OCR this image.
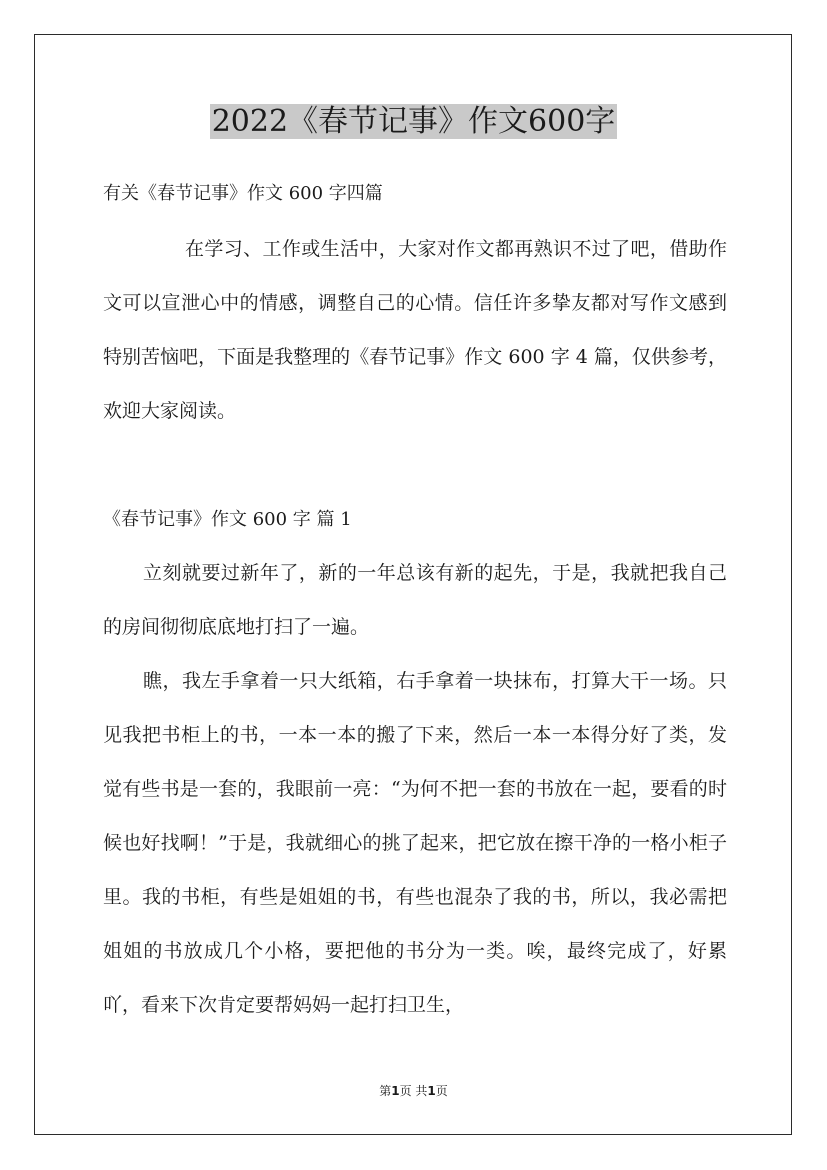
2022《春节记事》作文600字
有关《春节记事》作文 600 字四篇
在学习、工作或生活中，大家对作文都再熟识不过了吧，借助作文可以宣泄心中的情感，调整自己的心情。信任许多挚友都对写作文感到特别苦恼吧，下面是我整理的《春节记事》作文 600 字 4 篇，仅供参考，欢迎大家阅读。
《春节记事》作文 600 字 篇 1
立刻就要过新年了，新的一年总该有新的起先，于是，我就把我自己的房间彻彻底底地打扫了一遍。
瞧，我左手拿着一只大纸箱，右手拿着一块抹布，打算大干一场。只见我把书柜上的书，一本一本的搬了下来，然后一本一本得分好了类，发觉有些书是一套的，我眼前一亮：“为何不把一套的书放在一起，要看的时候也好找啊！”于是，我就细心的挑了起来，把它放在擦干净的一格小柜子里。我的书柜，有些是姐姐的书，有些也混杂了我的书，所以，我必需把姐姐的书放成几个小格，要把他的书分为一类。唉，最终完成了，好累吖，看来下次肯定要帮妈妈一起打扫卫生，
第1页 共1页
